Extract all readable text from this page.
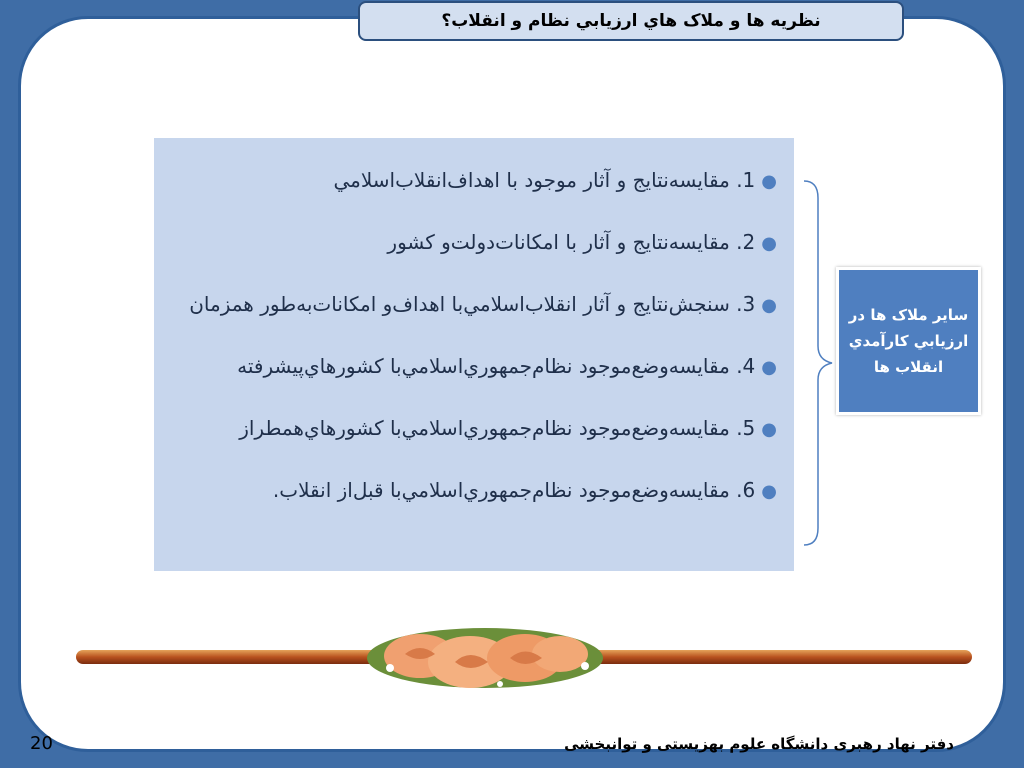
نظريه ها و ملاک هاي ارزيابي نظام و انقلاب؟
●1. مقايسه‌نتايج و آثار موجود با اهداف‌انقلاب‌اسلامي
●2. مقايسه‌نتايج و آثار با امكانات‌دولت‌و كشور
●3. سنجش‌نتايج و آثار انقلاب‌اسلامي‌با اهداف‌و امكانات‌به‌طور همزمان
●4. مقايسه‌وضع‌موجود نظام‌جمهوري‌اسلامي‌با كشورهاي‌پيشرفته
●5. مقايسه‌وضع‌موجود نظام‌جمهوري‌اسلامي‌با كشورهاي‌همطراز
●6. مقايسه‌وضع‌موجود نظام‌جمهوري‌اسلامي‌با قبل‌از انقلاب.
ساير ملاک ها در ارزيابي كارآمدي انقلاب ها
دفتر نهاد رهبری دانشگاه علوم بهزیستی و توانبخشی
20
